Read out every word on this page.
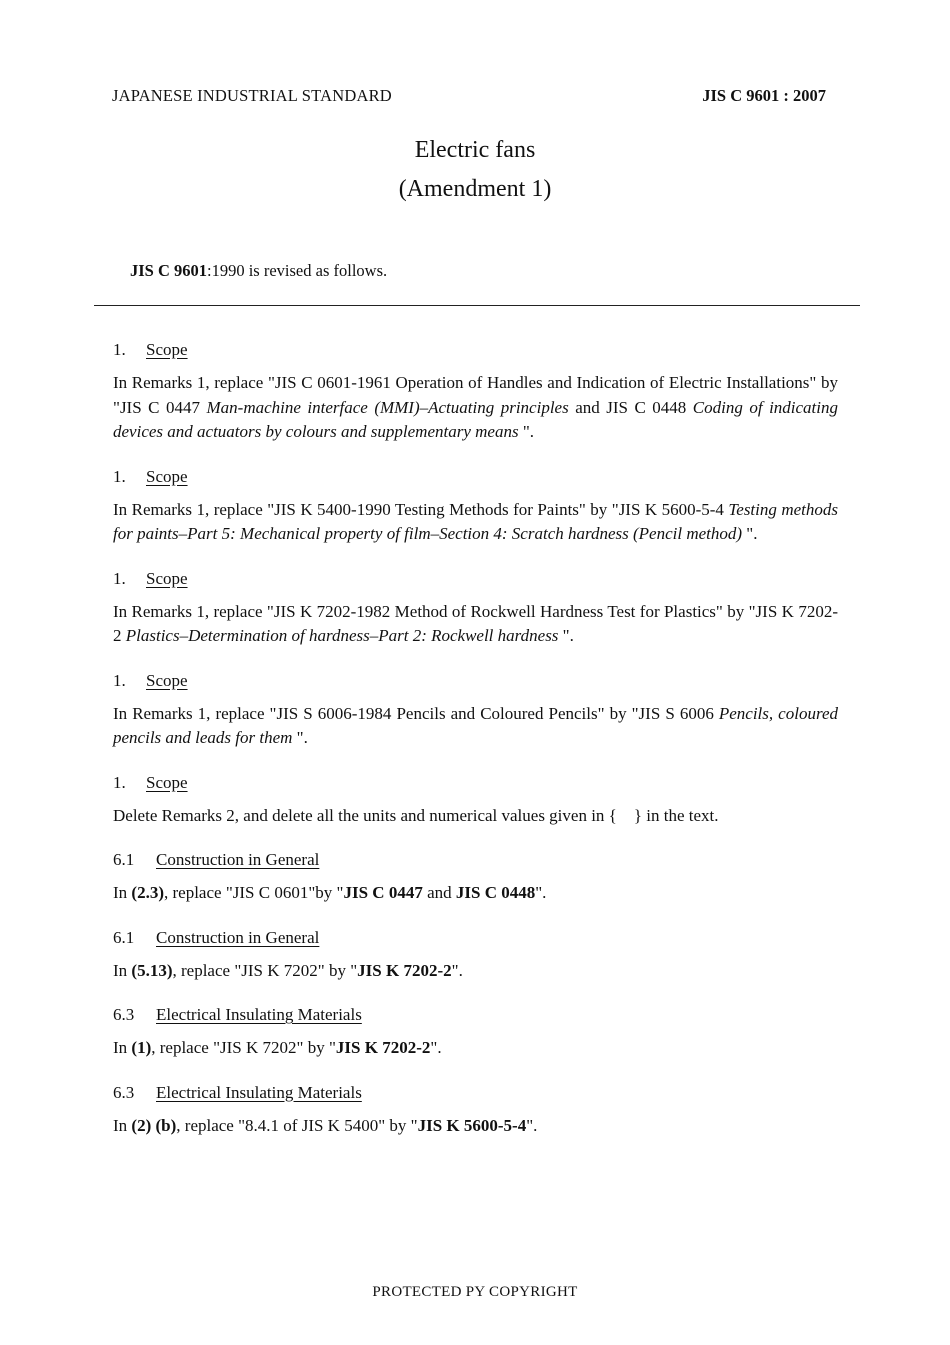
JAPANESE INDUSTRIAL STANDARD	JIS C 9601 : 2007
Electric fans
(Amendment 1)
JIS C 9601:1990 is revised as follows.
1. Scope

In Remarks 1, replace "JIS C 0601-1961 Operation of Handles and Indication of Electric Installations" by "JIS C 0447 Man-machine interface (MMI)–Actuating principles and JIS C 0448 Coding of indicating devices and actuators by colours and supplementary means ".

1. Scope

In Remarks 1, replace "JIS K 5400-1990 Testing Methods for Paints" by "JIS K 5600-5-4 Testing methods for paints–Part 5: Mechanical property of film–Section 4: Scratch hardness (Pencil method) ".

1. Scope

In Remarks 1, replace "JIS K 7202-1982 Method of Rockwell Hardness Test for Plastics" by "JIS K 7202-2 Plastics–Determination of hardness–Part 2: Rockwell hardness ".

1. Scope

In Remarks 1, replace "JIS S 6006-1984 Pencils and Coloured Pencils" by "JIS S 6006 Pencils, coloured pencils and leads for them ".

1. Scope

Delete Remarks 2, and delete all the units and numerical values given in { } in the text.

6.1 Construction in General

In (2.3), replace "JIS C 0601"by "JIS C 0447 and JIS C 0448".

6.1 Construction in General

In (5.13), replace "JIS K 7202" by "JIS K 7202-2".

6.3 Electrical Insulating Materials

In (1), replace "JIS K 7202" by "JIS K 7202-2".

6.3 Electrical Insulating Materials

In (2) (b), replace "8.4.1 of JIS K 5400" by "JIS K 5600-5-4".

PROTECTED PY COPYRIGHT
